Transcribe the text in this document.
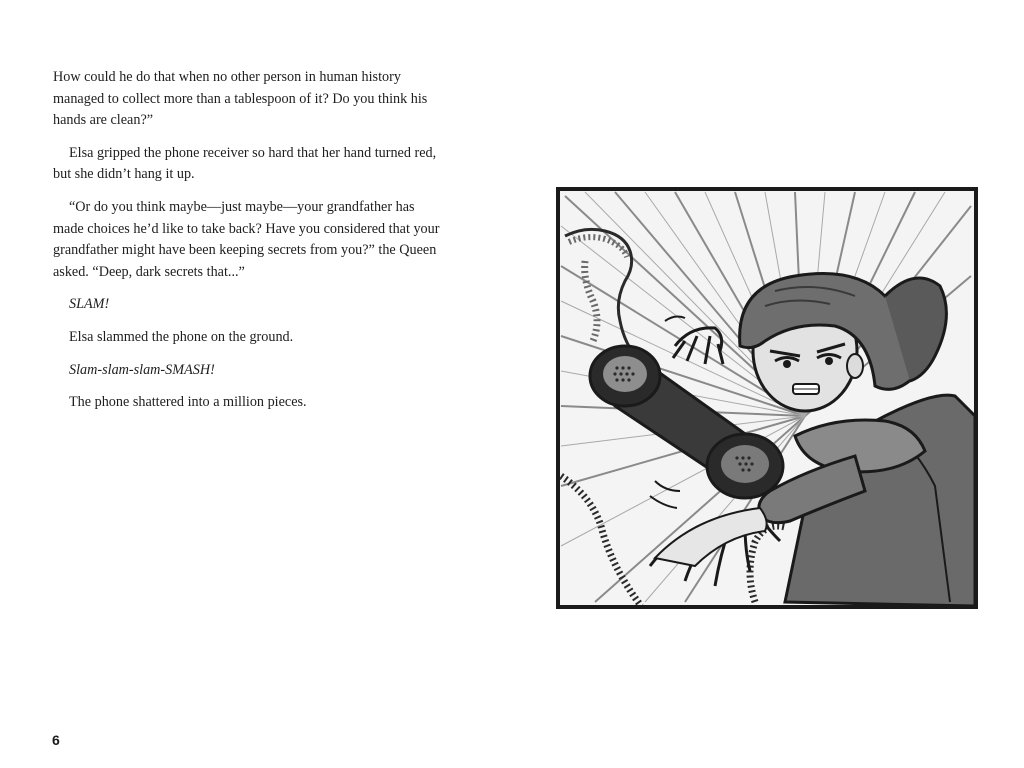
How could he do that when no other person in human history managed to collect more than a tablespoon of it? Do you think his hands are clean?”

Elsa gripped the phone receiver so hard that her hand turned red, but she didn’t hang it up.

“Or do you think maybe—just maybe—your grandfather has made choices he’d like to take back? Have you considered that your grandfather might have been keeping secrets from you?” the Queen asked. “Deep, dark secrets that...”

SLAM!

Elsa slammed the phone on the ground.

Slam-slam-slam-SMASH!

The phone shattered into a million pieces.

6
